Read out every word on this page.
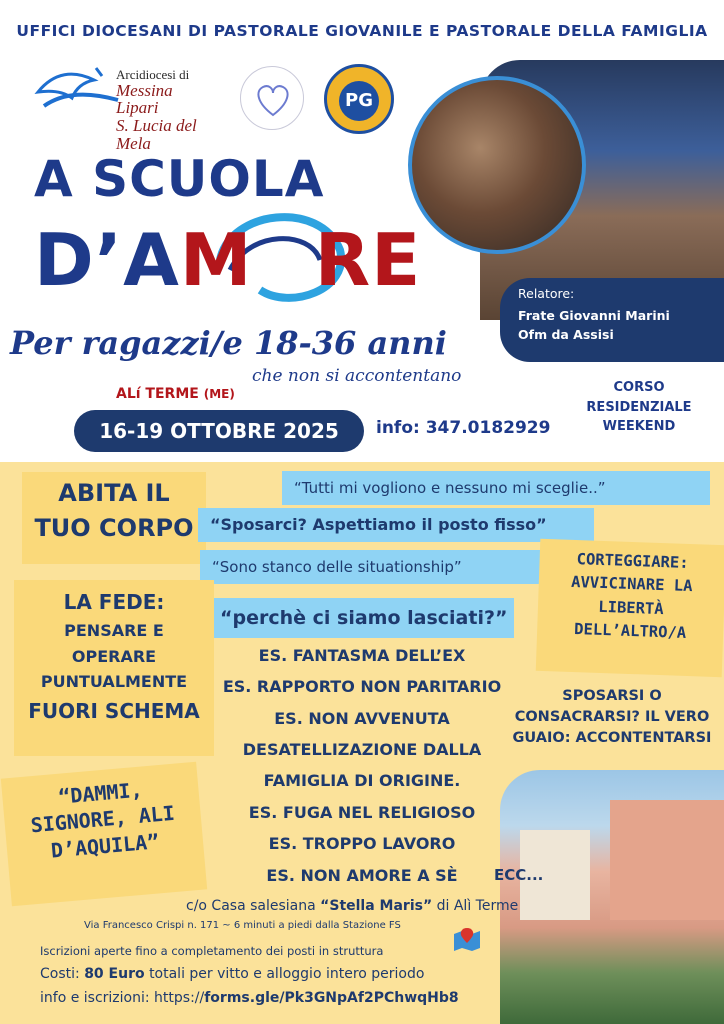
UFFICI DIOCESANI DI PASTORALE GIOVANILE E PASTORALE DELLA FAMIGLIA
Arcidiocesi di
Messina
Lipari
S. Lucia del Mela
PG
Relatore:
Frate Giovanni Marini
Ofm da Assisi
A SCUOLA
D’AM RE
Per ragazzi/e 18-36 anni
che non si accontentano
ALí TERME (ME)
16-19 OTTOBRE 2025	info: 347.0182929
CORSO
RESIDENZIALE
WEEKEND
ABITA IL
TUO CORPO
“Tutti mi vogliono e nessuno mi sceglie..”
“Sposarci? Aspettiamo il posto fisso”
“Sono stanco delle situationship”
“perchè ci siamo lasciati?”
LA FEDE:
PENSARE E
OPERARE
PUNTUALMENTE
FUORI SCHEMA
ES. FANTASMA DELL’EX
ES. RAPPORTO NON PARITARIO
ES. NON AVVENUTA
DESATELLIZAZIONE DALLA
FAMIGLIA DI ORIGINE.
ES. FUGA NEL RELIGIOSO
ES. TROPPO LAVORO
ES. NON AMORE A SÈ
CORTEGGIARE:
AVVICINARE LA
LIBERTÀ
DELL’ALTRO/A
SPOSARSI O
CONSACRARSI? IL VERO
GUAIO: ACCONTENTARSI
“DAMMI,
SIGNORE, ALI
D’AQUILA”
ECC...
c/o Casa salesiana “Stella Maris” di Alì Terme
Via Francesco Crispi n. 171 ~ 6 minuti a piedi dalla Stazione FS
Iscrizioni aperte fino a completamento dei posti in struttura
Costi: 80 Euro totali per vitto e alloggio intero periodo
info e iscrizioni: https://forms.gle/Pk3GNpAf2PChwqHb8
